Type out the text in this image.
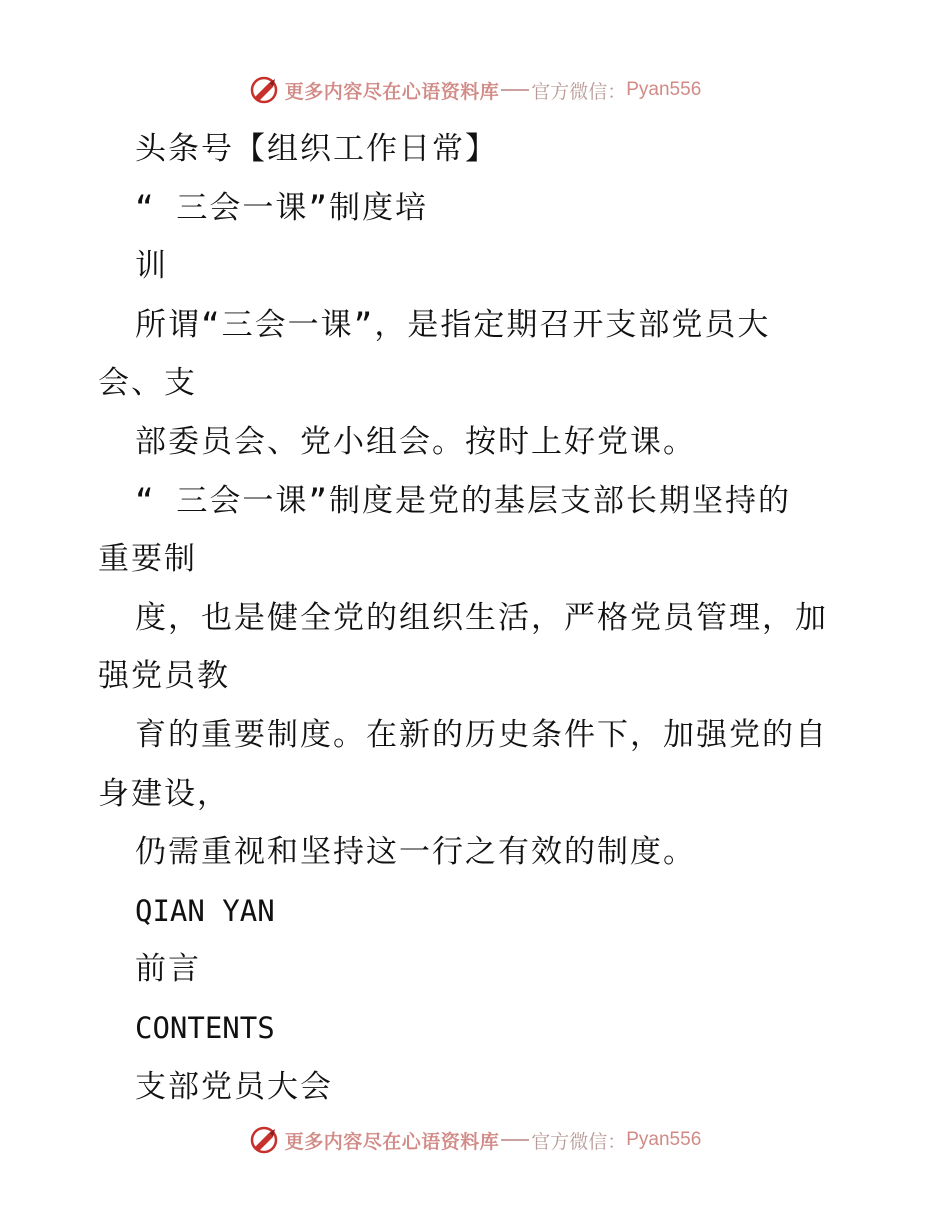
更多内容尽在心语资料库 官方微信： Pyan556
头条号【组织工作日常】
“ 三会一课”制度培
训
所谓“三会一课”，是指定期召开支部党员大
会、支
部委员会、党小组会。按时上好党课。
“ 三会一课”制度是党的基层支部长期坚持的
重要制
度，也是健全党的组织生活，严格党员管理，加
强党员教
育的重要制度。在新的历史条件下，加强党的自
身建设，
仍需重视和坚持这一行之有效的制度。
QIAN YAN
前言
CONTENTS
支部党员大会
更多内容尽在心语资料库 官方微信： Pyan556
